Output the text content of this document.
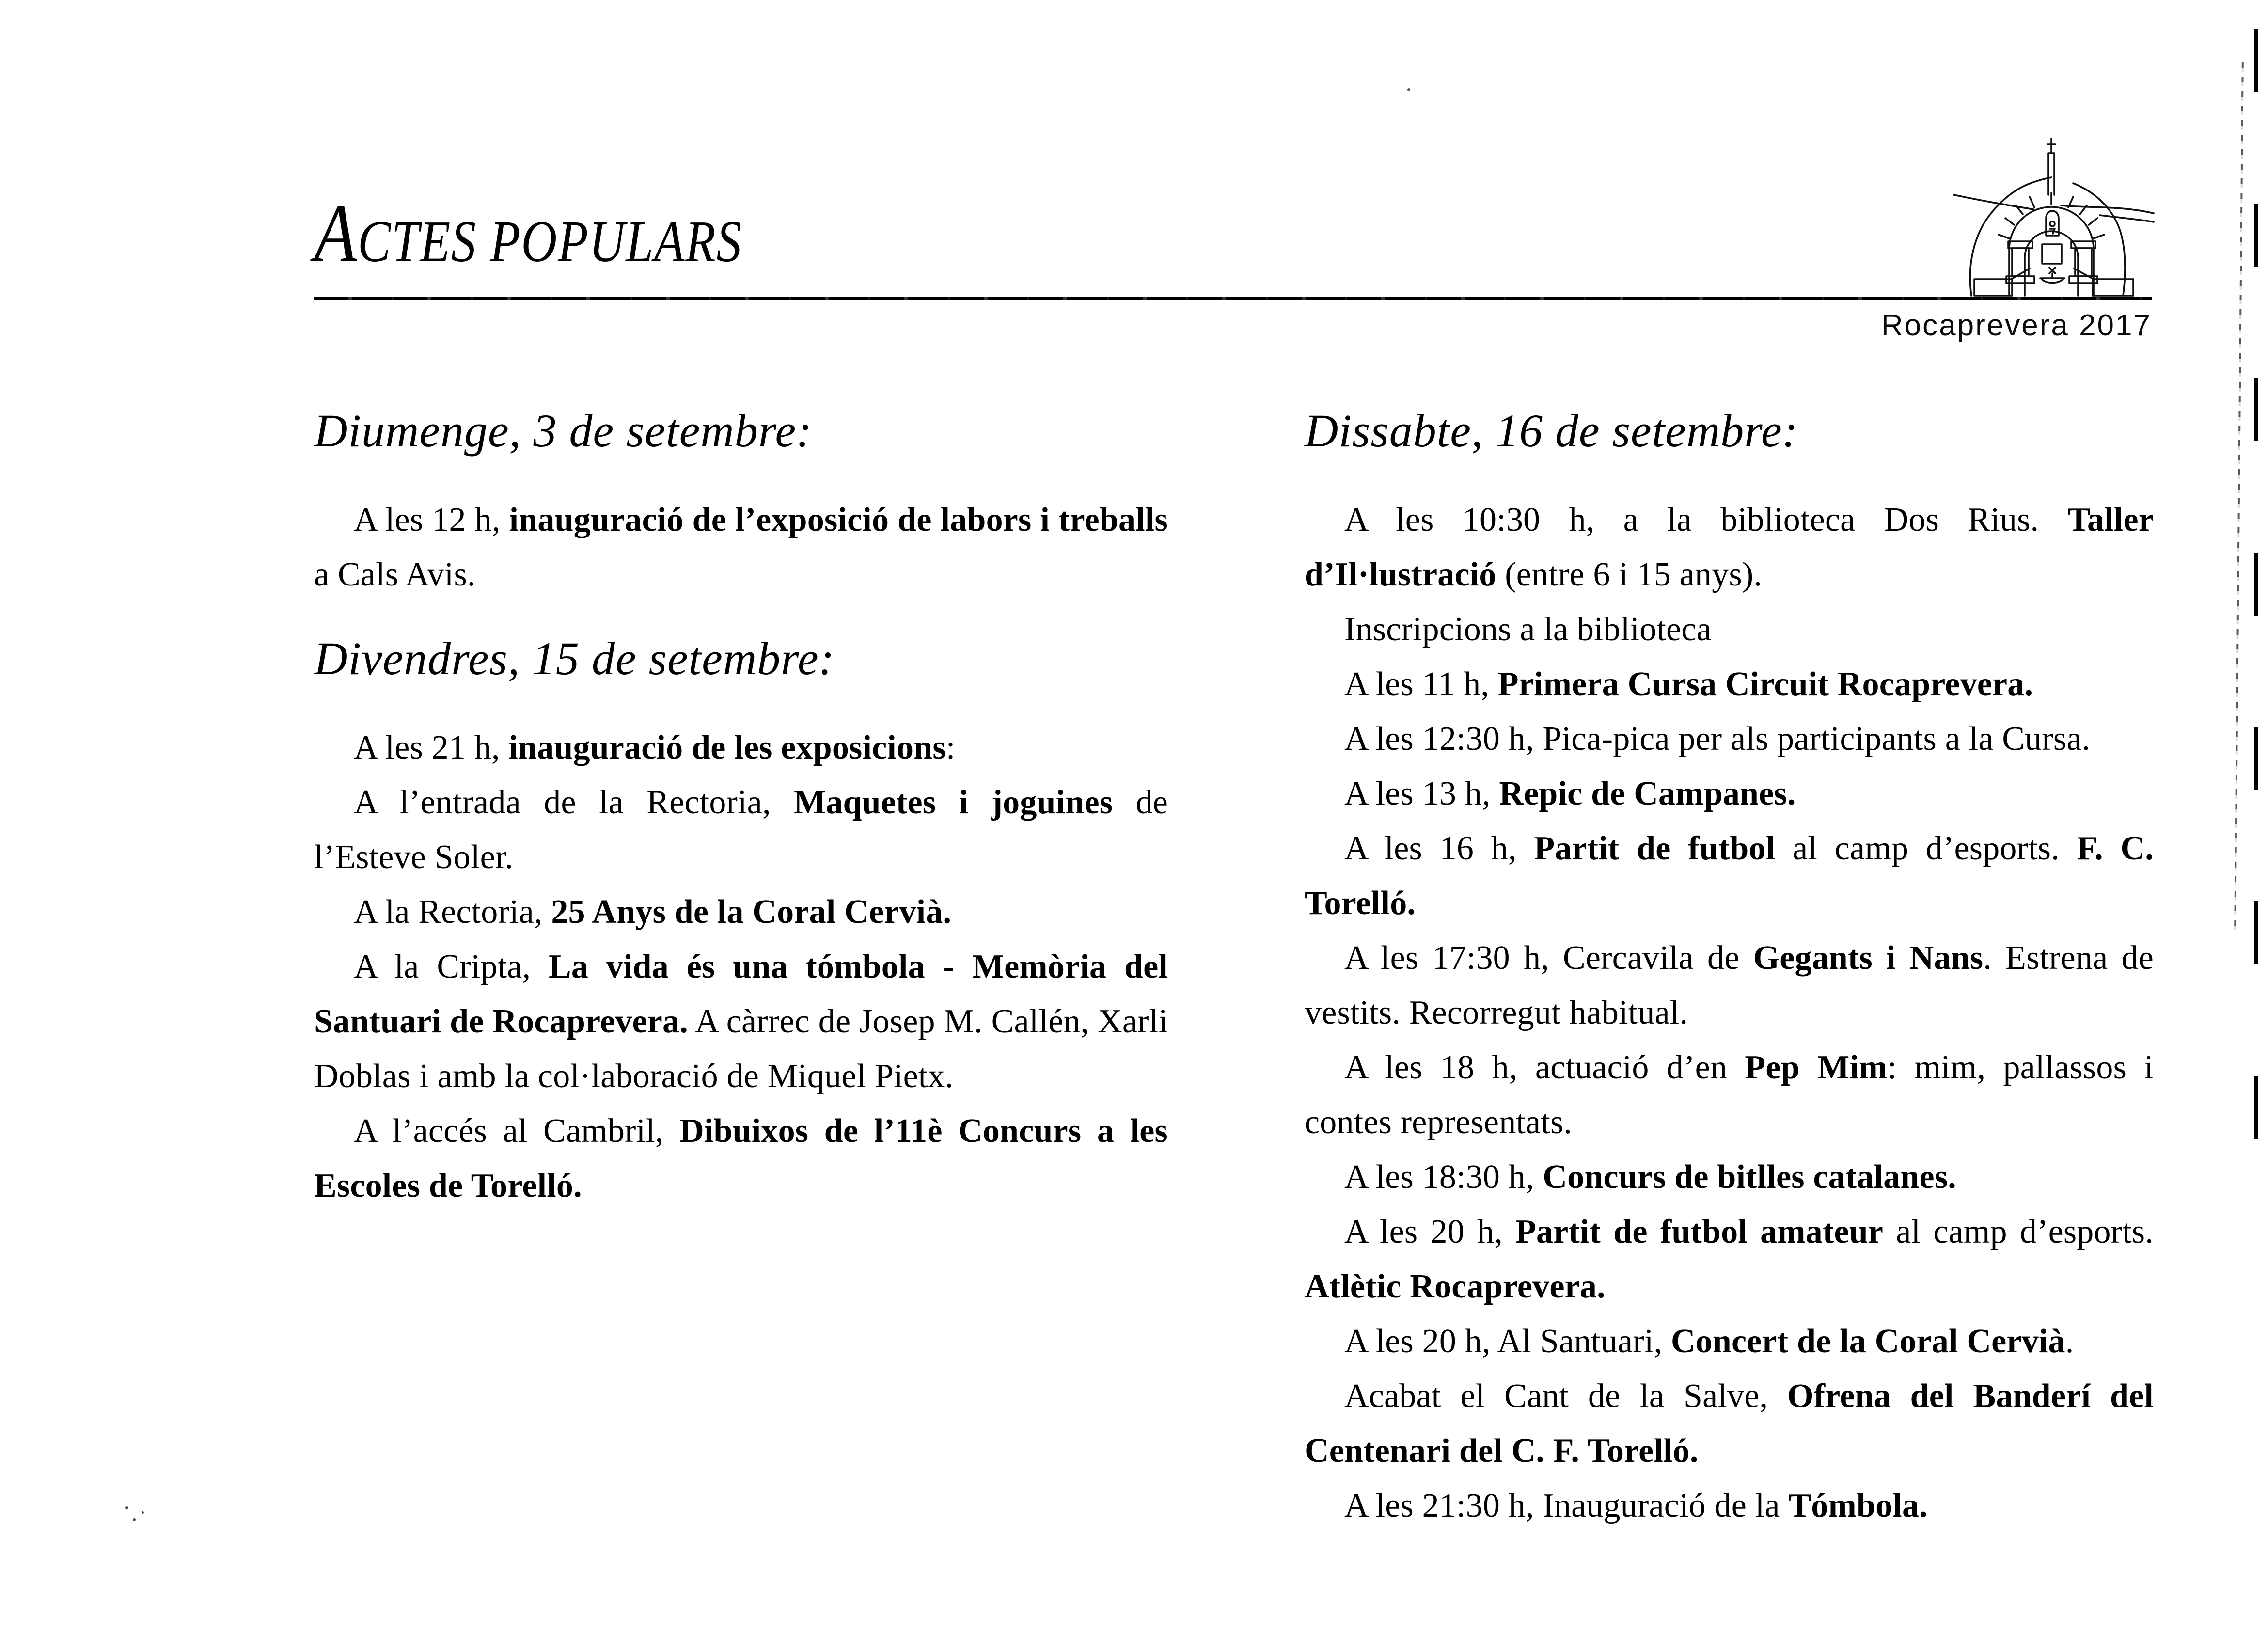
ACTES POPULARS
Rocaprevera 2017
Diumenge, 3 de setembre:

A les 12 h, inauguració de l’exposició de labors i treballs a Cals Avis.

Divendres, 15 de setembre:

A les 21 h, inauguració de les exposicions:

A l’entrada de la Rectoria, Maquetes i joguines de l’Esteve Soler.

A la Rectoria, 25 Anys de la Coral Cervià.

A la Cripta, La vida és una tómbola - Memòria del Santuari de Rocaprevera. A càrrec de Josep M. Callén, Xarli Doblas i amb la col·laboració de Miquel Pietx.

A l’accés al Cambril, Dibuixos de l’11è Concurs a les Escoles de Torelló.

Dissabte, 16 de setembre:

A les 10:30 h, a la biblioteca Dos Rius. Taller d’Il·lustració (entre 6 i 15 anys).

Inscripcions a la biblioteca

A les 11 h, Primera Cursa Circuit Rocaprevera.

A les 12:30 h, Pica-pica per als participants a la Cursa.

A les 13 h, Repic de Campanes.

A les 16 h, Partit de futbol al camp d’esports. F. C. Torelló.

A les 17:30 h, Cercavila de Gegants i Nans. Estrena de vestits. Recorregut habitual.

A les 18 h, actuació d’en Pep Mim: mim, pallassos i contes representats.

A les 18:30 h, Concurs de bitlles catalanes.

A les 20 h, Partit de futbol amateur al camp d’esports. Atlètic Rocaprevera.

A les 20 h, Al Santuari, Concert de la Coral Cervià.

Acabat el Cant de la Salve, Ofrena del Banderí del Centenari del C. F. Torelló.

A les 21:30 h, Inauguració de la Tómbola.
